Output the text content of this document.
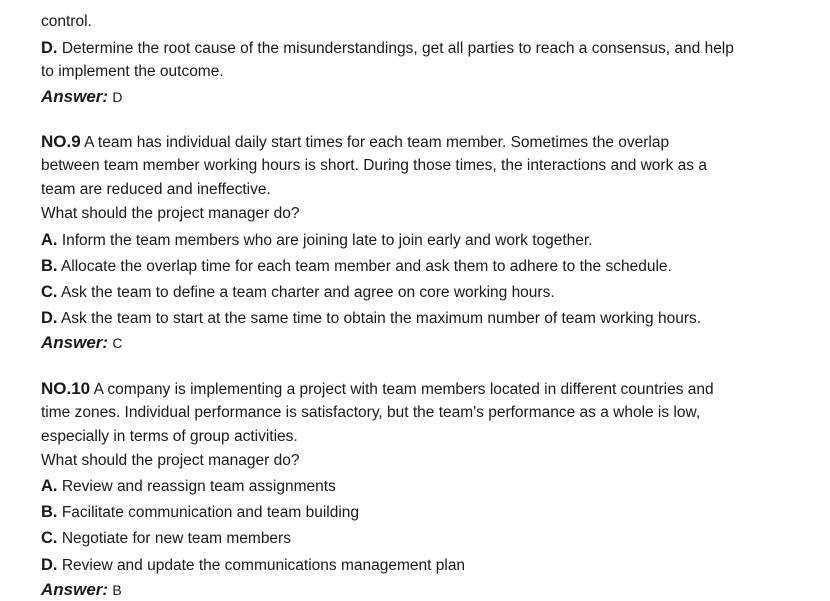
control.
D. Determine the root cause of the misunderstandings, get all parties to reach a consensus, and help
to implement the outcome.
Answer: D
NO.9 A team has individual daily start times for each team member. Sometimes the overlap
between team member working hours is short. During those times, the interactions and work as a
team are reduced and ineffective.
What should the project manager do?
A. Inform the team members who are joining late to join early and work together.
B. Allocate the overlap time for each team member and ask them to adhere to the schedule.
C. Ask the team to define a team charter and agree on core working hours.
D. Ask the team to start at the same time to obtain the maximum number of team working hours.
Answer: C
NO.10 A company is implementing a project with team members located in different countries and
time zones. Individual performance is satisfactory, but the team's performance as a whole is low,
especially in terms of group activities.
What should the project manager do?
A. Review and reassign team assignments
B. Facilitate communication and team building
C. Negotiate for new team members
D. Review and update the communications management plan
Answer: B
